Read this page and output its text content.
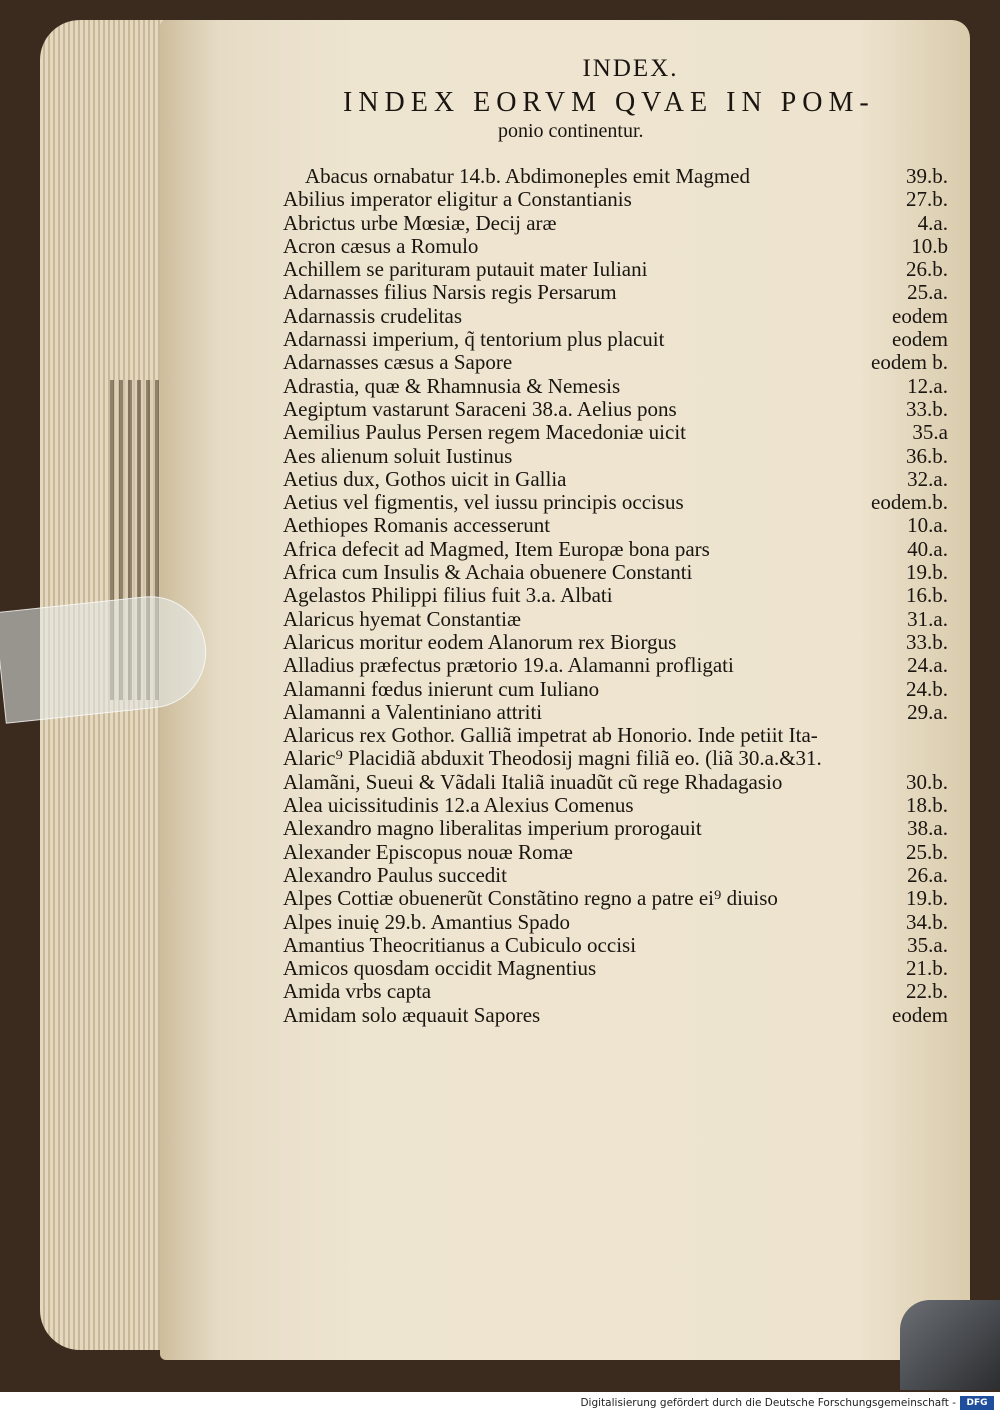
INDEX.
INDEX EORVM QVAE IN POM-
ponio continentur.
Abacus ornabatur 14.b. Abdimoneples emit Magmed	39.b.
Abilius imperator eligitur a Constantianis	27.b.
Abrictus urbe Mœsiæ, Decij aræ	4.a.
Acron cæsus a Romulo	10.b
Achillem se parituram putauit mater Iuliani	26.b.
Adarnasses filius Narsis regis Persarum	25.a.
Adarnassis crudelitas	eodem
Adarnassi imperium, q̃ tentorium plus placuit	eodem
Adarnasses cæsus a Sapore	eodem b.
Adrastia, quæ & Rhamnusia & Nemesis	12.a.
Aegiptum vastarunt Saraceni 38.a. Aelius pons	33.b.
Aemilius Paulus Persen regem Macedoniæ uicit	35.a
Aes alienum soluit Iustinus	36.b.
Aetius dux, Gothos uicit in Gallia	32.a.
Aetius vel figmentis, vel iussu principis occisus	eodem.b.
Aethiopes Romanis accesserunt	10.a.
Africa defecit ad Magmed, Item Europæ bona pars	40.a.
Africa cum Insulis & Achaia obuenere Constanti	19.b.
Agelastos Philippi filius fuit 3.a. Albati	16.b.
Alaricus hyemat Constantiæ	31.a.
Alaricus moritur eodem Alanorum rex Biorgus	33.b.
Alladius præfectus prætorio 19.a. Alamanni profligati	24.a.
Alamanni fœdus inierunt cum Iuliano	24.b.
Alamanni a Valentiniano attriti	29.a.
Alaricus rex Gothor. Galliã impetrat ab Honorio. Inde petiit Ita-
Alaric⁹ Placidiã abduxit Theodosij magni filiã eo. (liã 30.a.&31.
Alamãni, Sueui & Vãdali Italiã inuadũt cũ rege Rhadagasio	30.b.
Alea uicissitudinis 12.a Alexius Comenus	18.b.
Alexandro magno liberalitas imperium prorogauit	38.a.
Alexander Episcopus nouæ Romæ	25.b.
Alexandro Paulus succedit	26.a.
Alpes Cottiæ obuenerũt Constãtino regno a patre ei⁹ diuiso	19.b.
Alpes inuię 29.b. Amantius Spado	34.b.
Amantius Theocritianus a Cubiculo occisi	35.a.
Amicos quosdam occidit Magnentius	21.b.
Amida vrbs capta	22.b.
Amidam solo æquauit Sapores	eodem
Digitalisierung gefördert durch die Deutsche Forschungsgemeinschaft -	DFG
